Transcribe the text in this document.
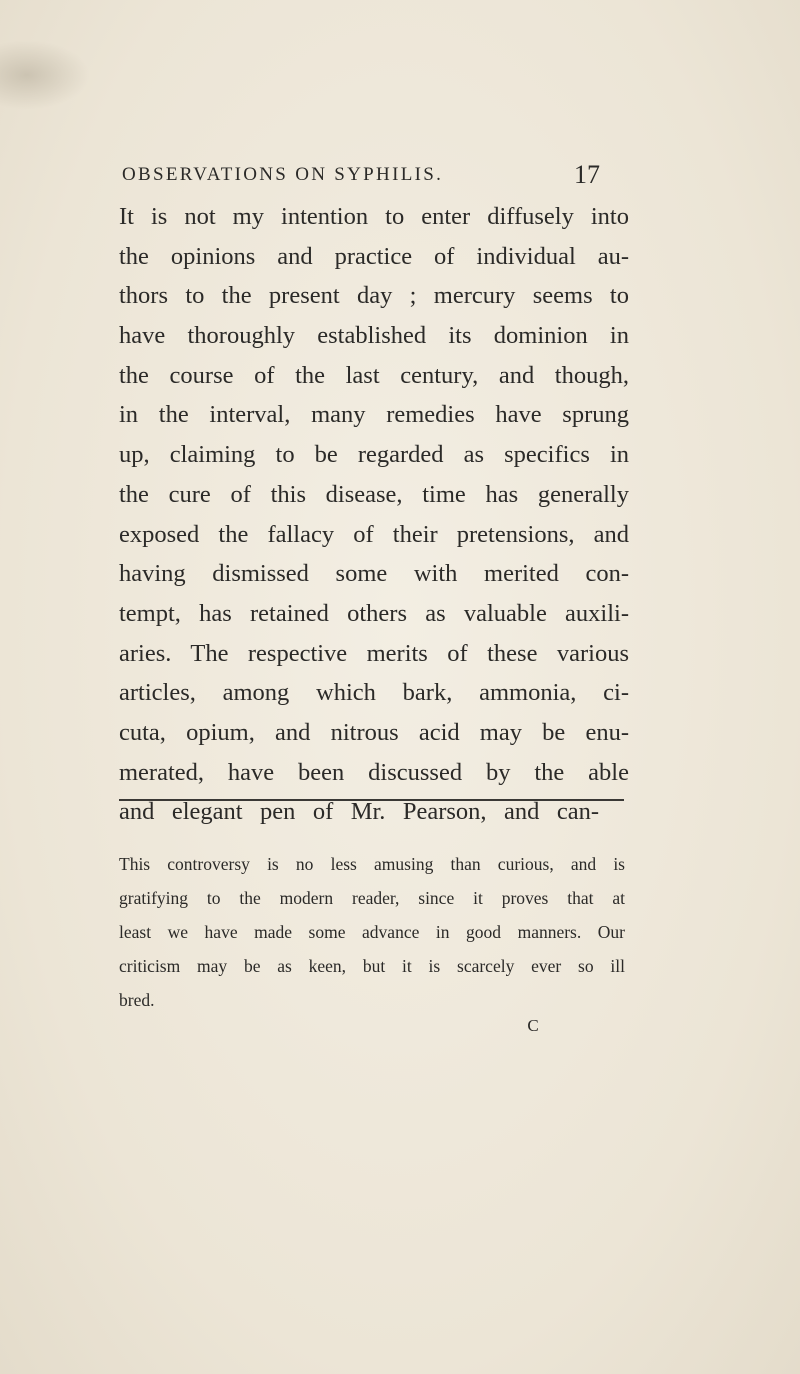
OBSERVATIONS ON SYPHILIS.	17
It is not my intention to enter diffusely into
the opinions and practice of individual au-
thors to the present day ; mercury seems to
have thoroughly established its dominion in
the course of the last century, and though,
in the interval, many remedies have sprung
up, claiming to be regarded as specifics in
the cure of this disease, time has generally
exposed the fallacy of their pretensions, and
having dismissed some with merited con-
tempt, has retained others as valuable auxili-
aries. The respective merits of these various
articles, among which bark, ammonia, ci-
cuta, opium, and nitrous acid may be enu-
merated, have been discussed by the able
and elegant pen of Mr. Pearson, and can-
This controversy is no less amusing than curious, and is
gratifying to the modern reader, since it proves that at
least we have made some advance in good manners. Our
criticism may be as keen, but it is scarcely ever so ill
bred.
C
